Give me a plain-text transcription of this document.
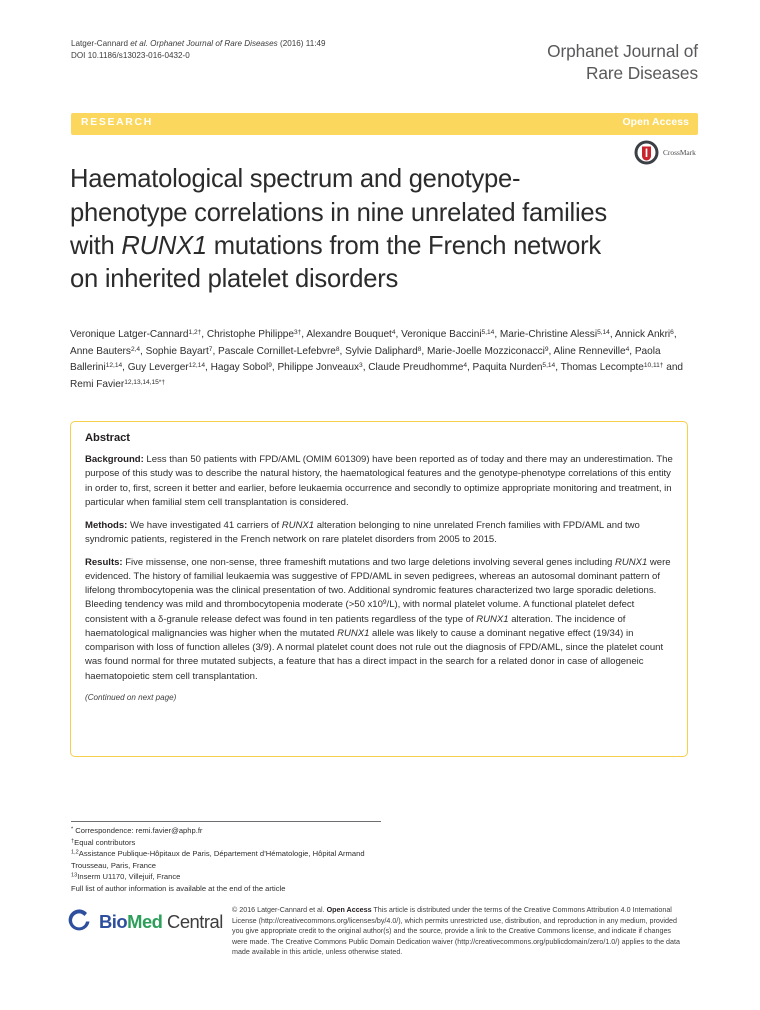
Latger-Cannard et al. Orphanet Journal of Rare Diseases (2016) 11:49
DOI 10.1186/s13023-016-0432-0	Orphanet Journal of
Rare Diseases
RESEARCH	Open Access
CrossMark
Haematological spectrum and genotype-phenotype correlations in nine unrelated families with RUNX1 mutations from the French network on inherited platelet disorders
Veronique Latger-Cannard$^{1,2\dagger}$, Christophe Philippe$^{3\dagger}$, Alexandre Bouquet$^4$, Veronique Baccini$^{5,14}$, Marie-Christine Alessi$^{5,14}$, Annick Ankri$^6$, Anne Bauters$^{2,4}$, Sophie Bayart$^7$, Pascale Cornillet-Lefebvre$^8$, Sylvie Daliphard$^8$, Marie-Joelle Mozziconacci$^9$, Aline Renneville$^4$, Paola Ballerini$^{12,14}$, Guy Leverger$^{12,14}$, Hagay Sobol$^9$, Philippe Jonveaux$^3$, Claude Preudhomme$^4$, Paquita Nurden$^{5,14}$, Thomas Lecompte$^{10,11\dagger}$ and Remi Favier$^{12,13,14,15*\dagger}$
Abstract

Background: Less than 50 patients with FPD/AML (OMIM 601309) have been reported as of today and there may an underestimation. The purpose of this study was to describe the natural history, the haematological features and the genotype-phenotype correlations of this entity in order to, first, screen it better and earlier, before leukaemia occurrence and secondly to optimize appropriate monitoring and treatment, in particular when familial stem cell transplantation is considered.

Methods: We have investigated 41 carriers of RUNX1 alteration belonging to nine unrelated French families with FPD/AML and two syndromic patients, registered in the French network on rare platelet disorders from 2005 to 2015.

Results: Five missense, one non-sense, three frameshift mutations and two large deletions involving several genes including RUNX1 were evidenced. The history of familial leukaemia was suggestive of FPD/AML in seven pedigrees, whereas an autosomal dominant pattern of lifelong thrombocytopenia was the clinical presentation of two. Additional syndromic features characterized two large sporadic deletions. Bleeding tendency was mild and thrombocytopenia moderate (>50 $x10^9/L$), with normal platelet volume. A functional platelet defect consistent with a δ-granule release defect was found in ten patients regardless of the type of RUNX1 alteration. The incidence of haematological malignancies was higher when the mutated RUNX1 allele was likely to cause a dominant negative effect (19/34) in comparison with loss of function alleles (3/9). A normal platelet count does not rule out the diagnosis of FPD/AML, since the platelet count was found normal for three mutated subjects, a feature that has a direct impact in the search for a related donor in case of allogeneic haematopoietic stem cell transplantation.

(Continued on next page)

* Correspondence: remi.favier@aphp.fr

†Equal contributors

$^{1,2}$Assistance Publique-Hôpitaux de Paris, Département d’Hématologie, Hôpital Armand Trousseau, Paris, France

$^{13}$Inserm U1170, Villejuif, France

Full list of author information is available at the end of the article

BioMed Central
© 2016 Latger-Cannard et al. Open Access This article is distributed under the terms of the Creative Commons Attribution 4.0 International License (http://creativecommons.org/licenses/by/4.0/), which permits unrestricted use, distribution, and reproduction in any medium, provided you give appropriate credit to the original author(s) and the source, provide a link to the Creative Commons license, and indicate if changes were made. The Creative Commons Public Domain Dedication waiver (http://creativecommons.org/publicdomain/zero/1.0/) applies to the data made available in this article, unless otherwise stated.
